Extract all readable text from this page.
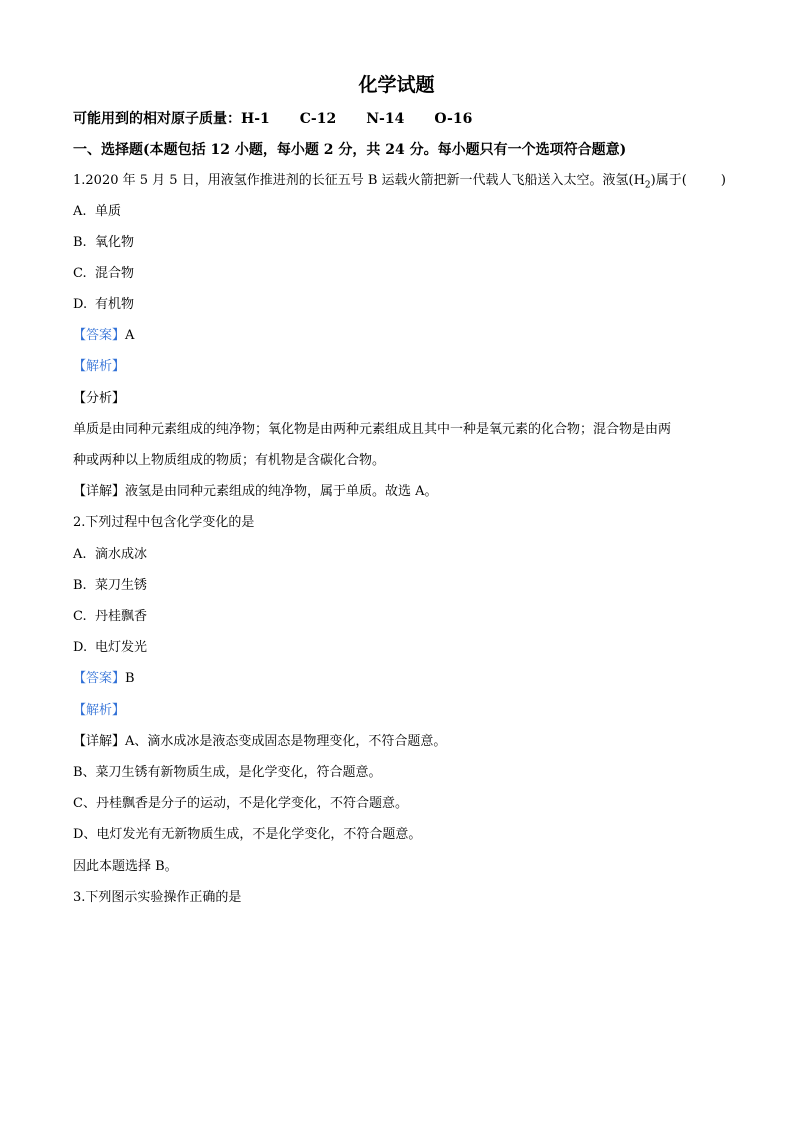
化学试题
可能用到的相对原子质量：H-1 C-12 N-14 O-16
一、选择题(本题包括 12 小题，每小题 2 分，共 24 分。每小题只有一个选项符合题意)
1.2020 年 5 月 5 日，用液氢作推进剂的长征五号 B 运载火箭把新一代载人飞船送入太空。液氢$(H_2)$属于(	)
A. 单质
B. 氧化物
C. 混合物
D. 有机物
【答案】A
【解析】
【分析】
单质是由同种元素组成的纯净物；氧化物是由两种元素组成且其中一种是氧元素的化合物；混合物是由两
种或两种以上物质组成的物质；有机物是含碳化合物。
【详解】液氢是由同种元素组成的纯净物，属于单质。故选 A。
2.下列过程中包含化学变化的是
A. 滴水成冰
B. 菜刀生锈
C. 丹桂飘香
D. 电灯发光
【答案】B
【解析】
【详解】A、滴水成冰是液态变成固态是物理变化，不符合题意。
B、菜刀生锈有新物质生成，是化学变化，符合题意。
C、丹桂飘香是分子的运动，不是化学变化，不符合题意。
D、电灯发光有无新物质生成，不是化学变化，不符合题意。
因此本题选择 B。
3.下列图示实验操作正确的是
